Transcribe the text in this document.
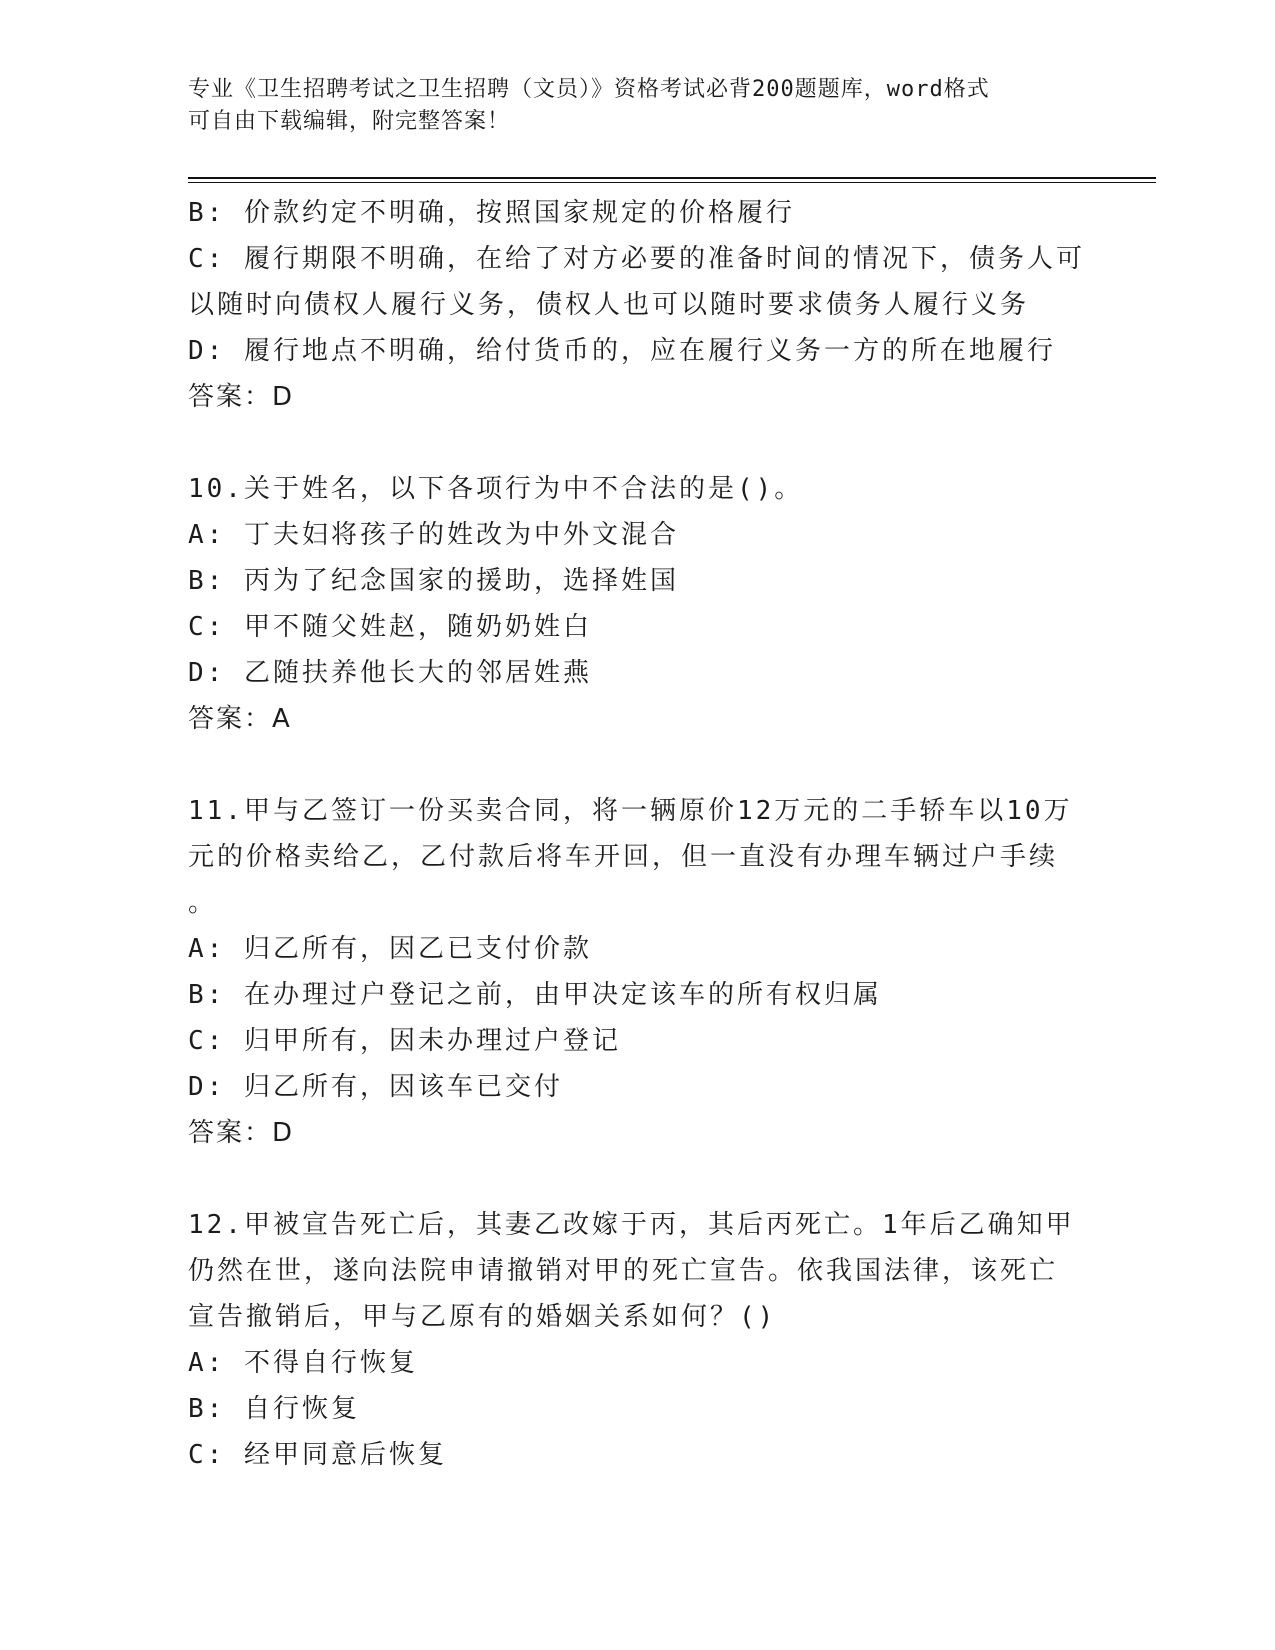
专业《卫生招聘考试之卫生招聘（文员）》资格考试必背200题题库，word格式
可自由下载编辑，附完整答案！
B: 价款约定不明确，按照国家规定的价格履行
C: 履行期限不明确，在给了对方必要的准备时间的情况下，债务人可
以随时向债权人履行义务，债权人也可以随时要求债务人履行义务
D: 履行地点不明确，给付货币的，应在履行义务一方的所在地履行
答案：D
10.关于姓名，以下各项行为中不合法的是()。
A: 丁夫妇将孩子的姓改为中外文混合
B: 丙为了纪念国家的援助，选择姓国
C: 甲不随父姓赵，随奶奶姓白
D: 乙随扶养他长大的邻居姓燕
答案：A
11.甲与乙签订一份买卖合同，将一辆原价12万元的二手轿车以10万
元的价格卖给乙，乙付款后将车开回，但一直没有办理车辆过户手续
。
A: 归乙所有，因乙已支付价款
B: 在办理过户登记之前，由甲决定该车的所有权归属
C: 归甲所有，因未办理过户登记
D: 归乙所有，因该车已交付
答案：D
12.甲被宣告死亡后，其妻乙改嫁于丙，其后丙死亡。1年后乙确知甲
仍然在世，遂向法院申请撤销对甲的死亡宣告。依我国法律，该死亡
宣告撤销后，甲与乙原有的婚姻关系如何？()
A: 不得自行恢复
B: 自行恢复
C: 经甲同意后恢复
